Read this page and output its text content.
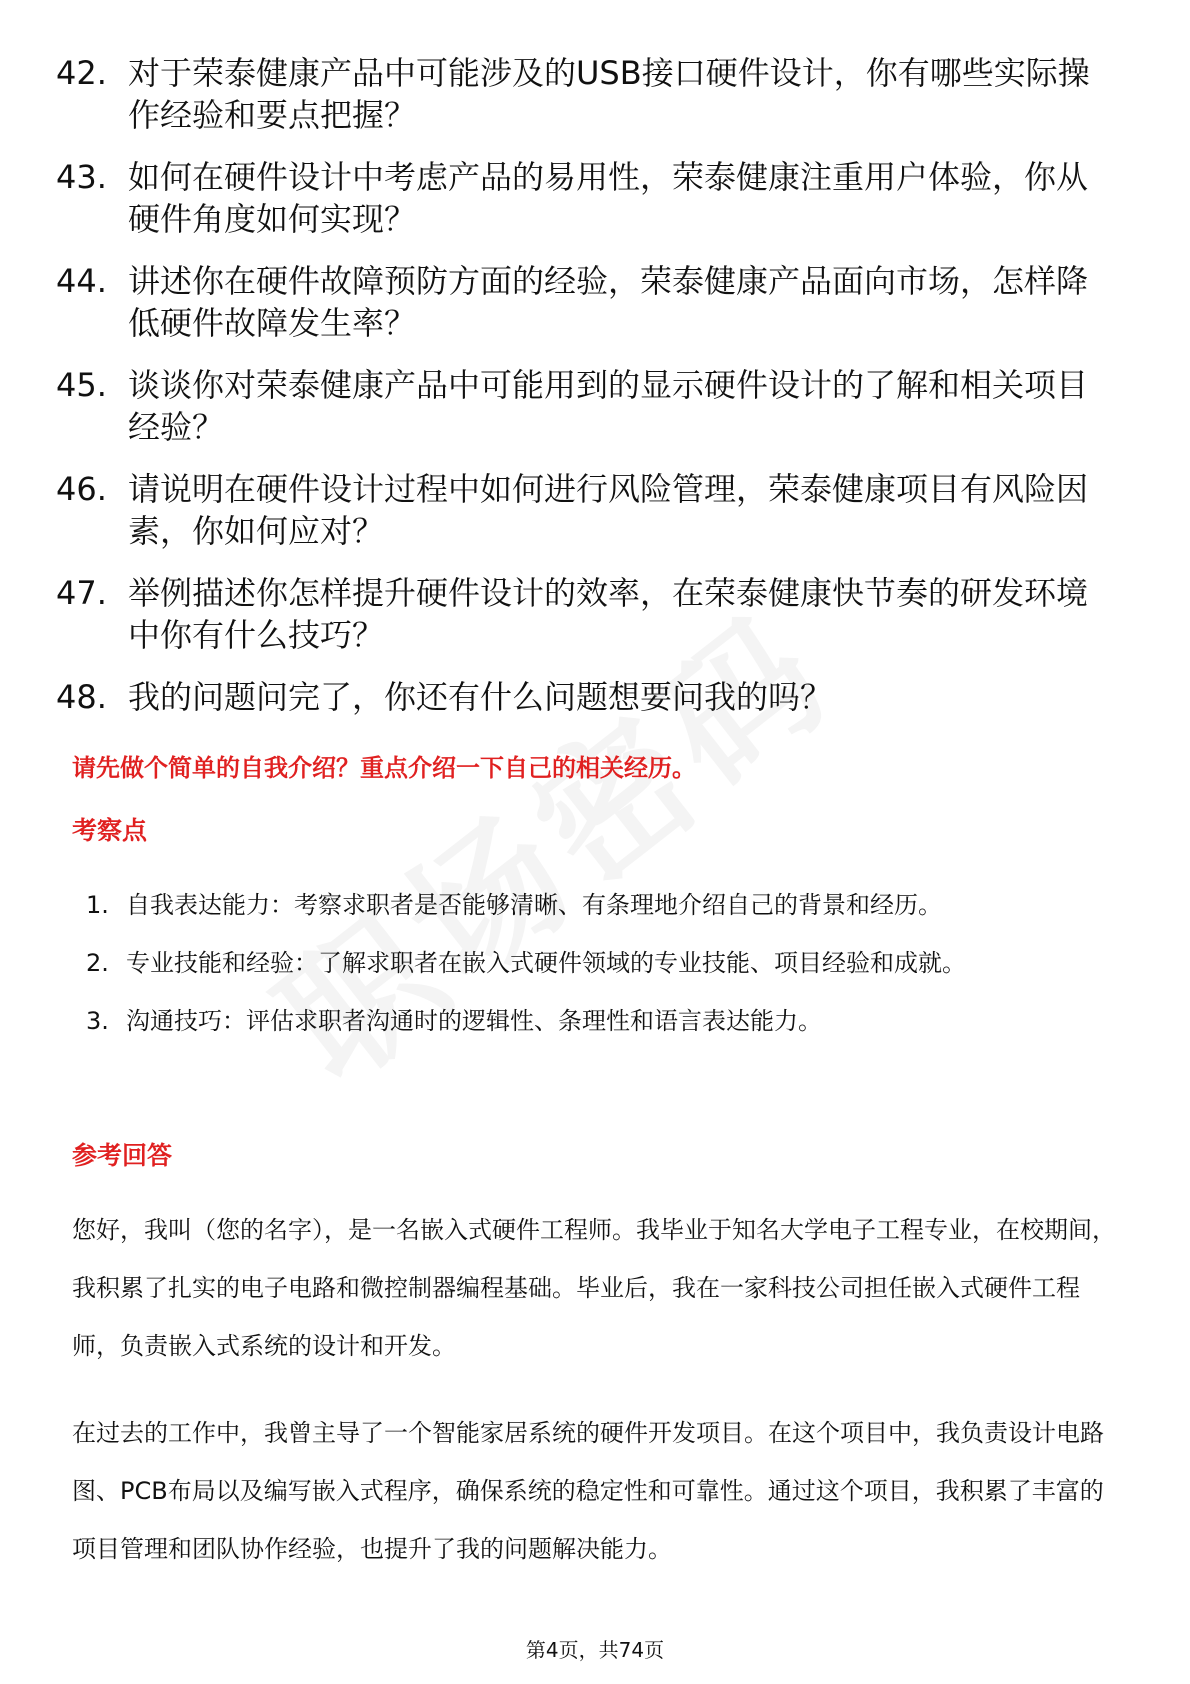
42. 对于荣泰健康产品中可能涉及的USB接口硬件设计，你有哪些实际操作经验和要点把握？
43. 如何在硬件设计中考虑产品的易用性，荣泰健康注重用户体验，你从硬件角度如何实现？
44. 讲述你在硬件故障预防方面的经验，荣泰健康产品面向市场，怎样降低硬件故障发生率？
45. 谈谈你对荣泰健康产品中可能用到的显示硬件设计的了解和相关项目经验？
46. 请说明在硬件设计过程中如何进行风险管理，荣泰健康项目有风险因素，你如何应对？
47. 举例描述你怎样提升硬件设计的效率，在荣泰健康快节奏的研发环境中你有什么技巧？
48. 我的问题问完了，你还有什么问题想要问我的吗？
请先做个简单的自我介绍？重点介绍一下自己的相关经历。
考察点
1. 自我表达能力：考察求职者是否能够清晰、有条理地介绍自己的背景和经历。
2. 专业技能和经验：了解求职者在嵌入式硬件领域的专业技能、项目经验和成就。
3. 沟通技巧：评估求职者沟通时的逻辑性、条理性和语言表达能力。
参考回答

您好，我叫（您的名字），是一名嵌入式硬件工程师。我毕业于知名大学电子工程专业，在校期间，我积累了扎实的电子电路和微控制器编程基础。毕业后，我在一家科技公司担任嵌入式硬件工程师，负责嵌入式系统的设计和开发。

在过去的工作中，我曾主导了一个智能家居系统的硬件开发项目。在这个项目中，我负责设计电路图、PCB布局以及编写嵌入式程序，确保系统的稳定性和可靠性。通过这个项目，我积累了丰富的项目管理和团队协作经验，也提升了我的问题解决能力。

第4页，共74页
